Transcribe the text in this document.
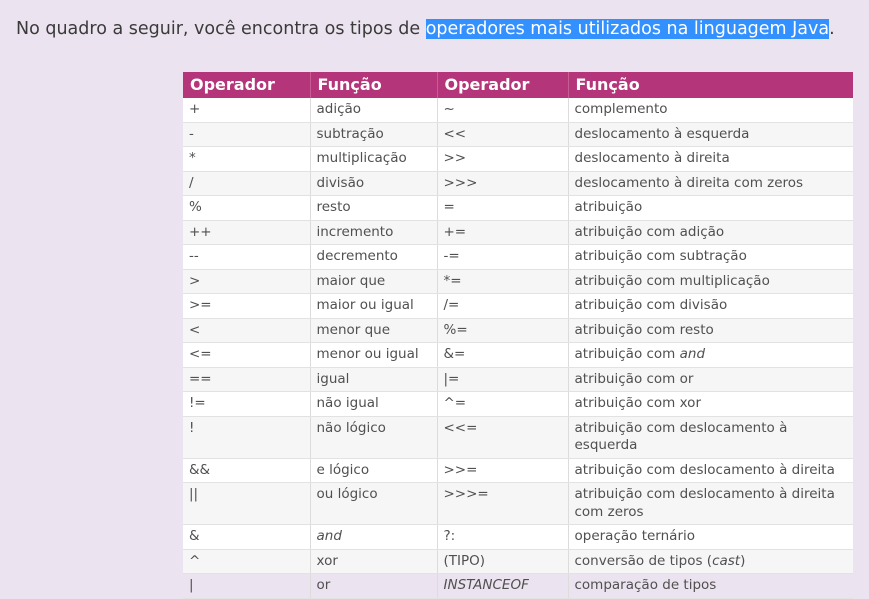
No quadro a seguir, você encontra os tipos de operadores mais utilizados na linguagem Java.
Operador	Função	Operador	Função
+	adição	~	complemento
-	subtração	<<	deslocamento à esquerda
*	multiplicação	>>	deslocamento à direita
/	divisão	>>>	deslocamento à direita com zeros
%	resto	=	atribuição
++	incremento	+=	atribuição com adição
--	decremento	-=	atribuição com subtração
>	maior que	*=	atribuição com multiplicação
>=	maior ou igual	/=	atribuição com divisão
<	menor que	%=	atribuição com resto
<=	menor ou igual	&=	atribuição com and
==	igual	|=	atribuição com or
!=	não igual	^=	atribuição com xor
!	não lógico	<<=	atribuição com deslocamento à esquerda
&&	e lógico	>>=	atribuição com deslocamento à direita
||	ou lógico	>>>=	atribuição com deslocamento à direita com zeros
&	and	?:	operação ternário
^	xor	(TIPO)	conversão de tipos (cast)
|	or	INSTANCEOF	comparação de tipos
